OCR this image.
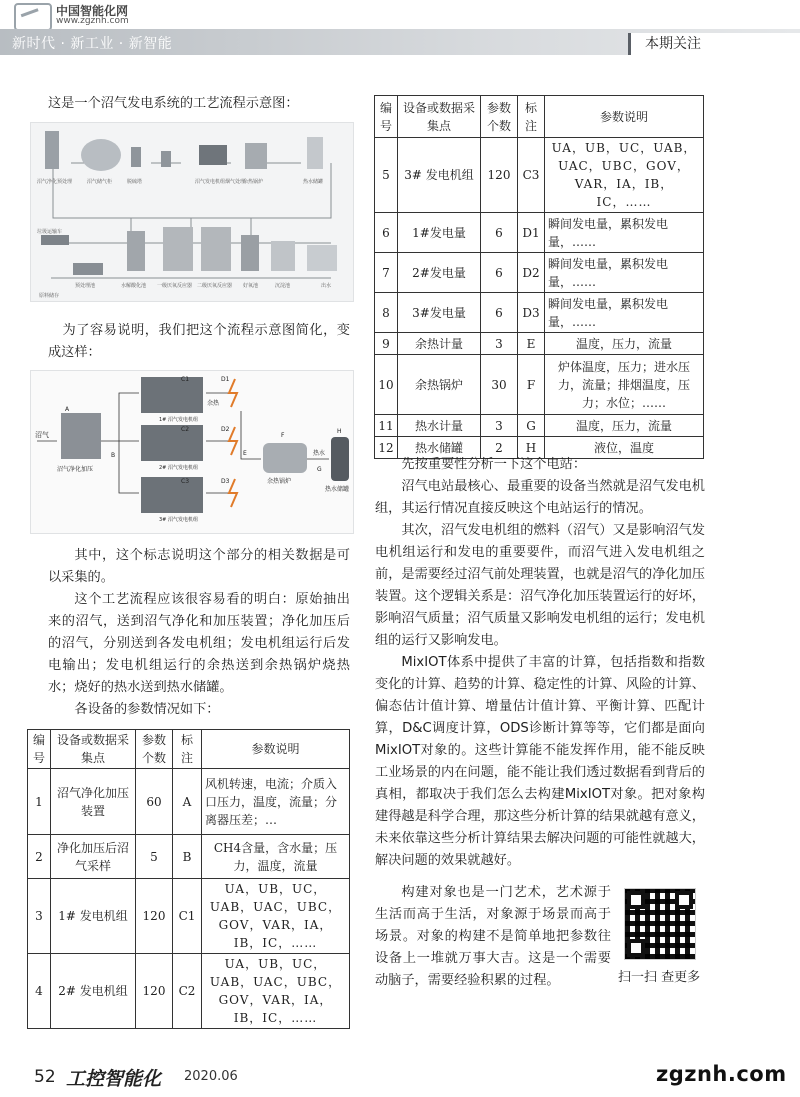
中国智能化网
www.zgznh.com
新时代 · 新工业 · 新智能	本期关注
这是一个沼气发电系统的工艺流程示意图：
沼气净化预处理	沼气储气柜	脱硫塔	沼气发电机组 烟气处理
余热锅炉	热水储罐
预处理池	水解酸化池 一级厌氧反应器 二级厌氧反应器 好氧池	沉淀池	出水
垃圾运输车
原料储存

为了容易说明，我们把这个流程示意图简化，变成这样：

沼气
沼气净化加压
A
B
1# 沼气发电机组
2# 沼气发电机组
3# 沼气发电机组
C1
C2
C3
D1
D2
D3
余热
E
F
余热锅炉
热水
G
H
热水储罐

其中，这个标志说明这个部分的相关数据是可以采集的。

这个工艺流程应该很容易看的明白：原始抽出来的沼气，送到沼气净化和加压装置；净化加压后的沼气，分别送到各发电机组；发电机组运行后发电输出；发电机组运行的余热送到余热锅炉烧热水；烧好的热水送到热水储罐。

各设备的参数情况如下：

编号	设备或数据采集点	参数个数	标注	参数说明
1	沼气净化加压装置	60	A	风机转速，电流；介质入口压力，温度，流量；分离器压差；…
2	净化加压后沼气采样	5	B	CH4含量，含水量；压力，温度，流量
3	1# 发电机组	120	C1	UA，UB，UC，UAB，UAC，UBC，GOV，VAR，IA，IB，IC，……
4	2# 发电机组	120	C2	UA，UB，UC，UAB，UAC，UBC，GOV，VAR，IA，IB，IC，……
编号	设备或数据采集点	参数个数	标注	参数说明
5	3# 发电机组	120	C3	UA，UB，UC，UAB，UAC，UBC，GOV，VAR，IA，IB，IC，……
6	1#发电量	6	D1	瞬间发电量，累积发电量，……
7	2#发电量	6	D2	瞬间发电量，累积发电量，……
8	3#发电量	6	D3	瞬间发电量，累积发电量，……
9	余热计量	3	E	温度，压力，流量
10	余热锅炉	30	F	炉体温度，压力；进水压力，流量；排烟温度，压力；水位；……
11	热水计量	3	G	温度，压力，流量
12	热水储罐	2	H	液位，温度

先按重要性分析一下这个电站：

沼气电站最核心、最重要的设备当然就是沼气发电机组，其运行情况直接反映这个电站运行的情况。

其次，沼气发电机组的燃料（沼气）又是影响沼气发电机组运行和发电的重要要件，而沼气进入发电机组之前，是需要经过沼气前处理装置，也就是沼气的净化加压装置。这个逻辑关系是：沼气净化加压装置运行的好坏，影响沼气质量；沼气质量又影响发电机组的运行；发电机组的运行又影响发电。

MixIOT体系中提供了丰富的计算，包括指数和指数变化的计算、趋势的计算、稳定性的计算、风险的计算、偏态估计值计算、增量估计值计算、平衡计算、匹配计算，D&C调度计算，ODS诊断计算等等，它们都是面向MixIOT对象的。这些计算能不能发挥作用，能不能反映工业场景的内在问题，能不能让我们透过数据看到背后的真相，都取决于我们怎么去构建MixIOT对象。把对象构建得越是科学合理，那这些分析计算的结果就越有意义，未来依靠这些分析计算结果去解决问题的可能性就越大，解决问题的效果就越好。

构建对象也是一门艺术，艺术源于生活而高于生活，对象源于场景而高于场景。对象的构建不是简单地把参数往设备上一堆就万事大吉。这是一个需要动脑子，需要经验积累的过程。	扫一扫 查更多
52 工控智能化 2020.06	zgznh.com
